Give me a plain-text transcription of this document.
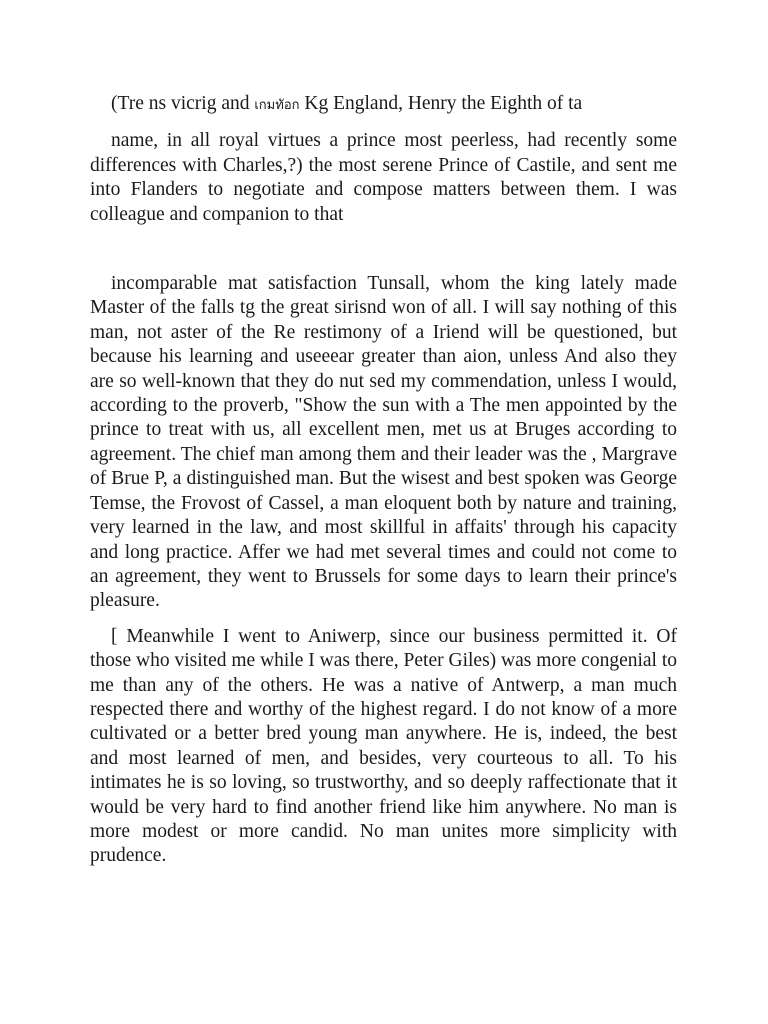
(Tre ns vicrig and เกมทัอก Kg England, Henry the Eighth of ta

name, in all royal virtues a prince most peerless, had recently some differences with Charles,?) the most serene Prince of Castile, and sent me into Flanders to negotiate and compose matters between them. I was colleague and companion to that

incomparable mat satisfaction Tunsall, whom the king lately made Master of the falls tg the great sirisnd won of all. I will say nothing of this man, not aster of the Re restimony of a Iriend will be questioned, but because his learning and useeear greater than aion, unless And also they are so well-known that they do nut sed my commendation, unless I would, according to the proverb, "Show the sun with a The men appointed by the prince to treat with us, all excellent men, met us at Bruges according to agreement. The chief man among them and their leader was the , Margrave of Brue P, a distinguished man. But the wisest and best spoken was George Temse, the Frovost of Cassel, a man eloquent both by nature and training, very learned in the law, and most skillful in affaits' through his capacity and long practice. Affer we had met several times and could not come to an agreement, they went to Brussels for some days to learn their prince's pleasure.

[ Meanwhile I went to Aniwerp, since our business permitted it. Of those who visited me while I was there, Peter Giles) was more congenial to me than any of the others. He was a native of Antwerp, a man much respected there and worthy of the highest regard. I do not know of a more cultivated or a better bred young man anywhere. He is, indeed, the best and most learned of men, and besides, very courteous to all. To his intimates he is so loving, so trustworthy, and so deeply raffectionate that it would be very hard to find another friend like him anywhere. No man is more modest or more candid. No man unites more simplicity with prudence.
